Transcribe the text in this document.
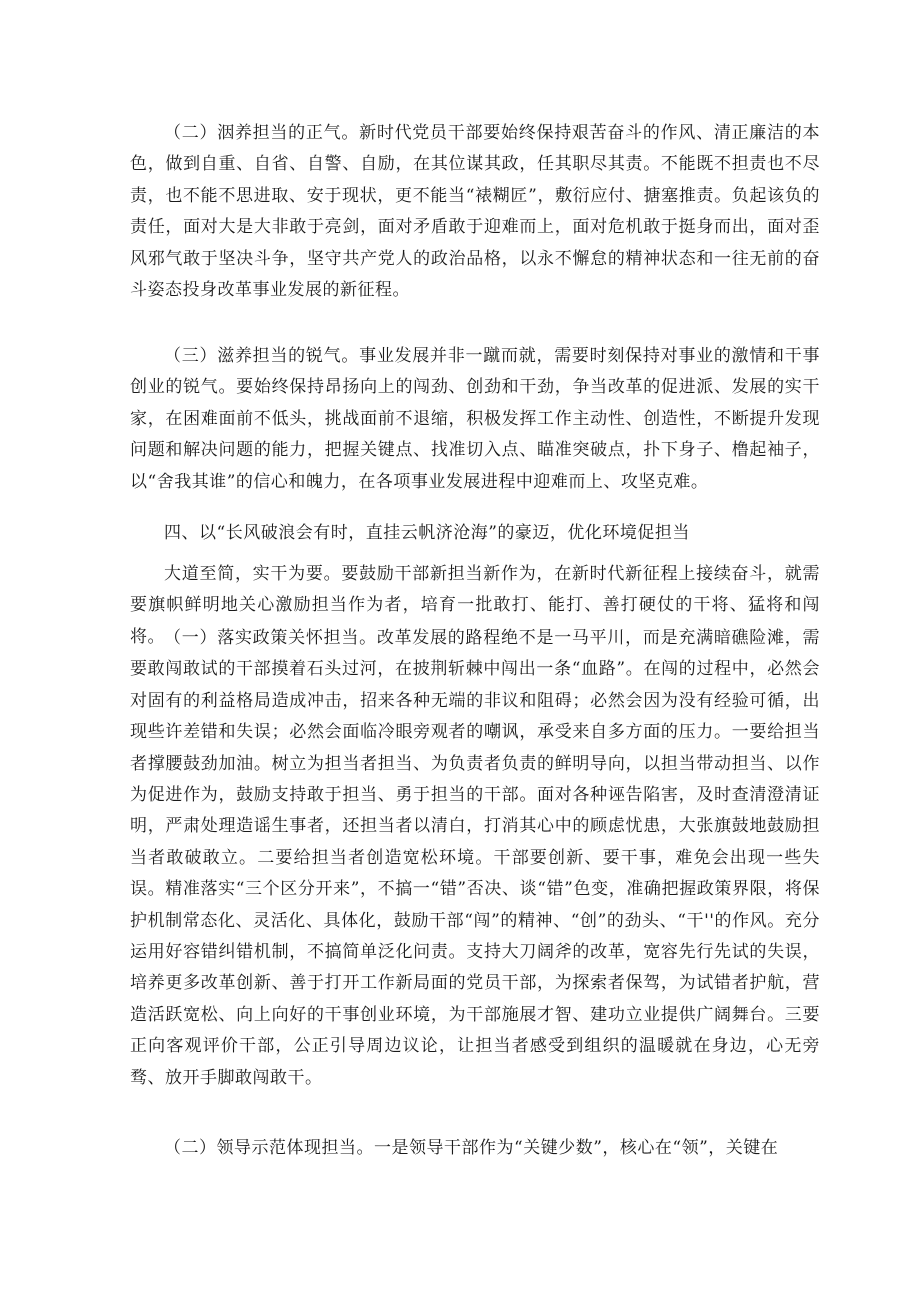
（二）洇养担当的正气。新时代党员干部要始终保持艰苦奋斗的作风、清正廉洁的本色，做到自重、自省、自警、自励，在其位谋其政，任其职尽其责。不能既不担责也不尽责，也不能不思进取、安于现状，更不能当“裱糊匠”，敷衍应付、搪塞推责。负起该负的责任，面对大是大非敢于亮剑，面对矛盾敢于迎难而上，面对危机敢于挺身而出，面对歪风邪气敢于坚决斗争，坚守共产党人的政治品格，以永不懈怠的精神状态和一往无前的奋斗姿态投身改革事业发展的新征程。

（三）滋养担当的锐气。事业发展并非一蹴而就，需要时刻保持对事业的激情和干事创业的锐气。要始终保持昂扬向上的闯劲、创劲和干劲，争当改革的促进派、发展的实干家，在困难面前不低头，挑战面前不退缩，积极发挥工作主动性、创造性，不断提升发现问题和解决问题的能力，把握关键点、找准切入点、瞄准突破点，扑下身子、橹起袖子，以“舍我其谁”的信心和魄力，在各项事业发展进程中迎难而上、攻坚克难。

四、以“长风破浪会有时，直挂云帆济沧海”的豪迈，优化环境促担当

大道至简，实干为要。要鼓励干部新担当新作为，在新时代新征程上接续奋斗，就需要旗帜鲜明地关心激励担当作为者，培育一批敢打、能打、善打硬仗的干将、猛将和闯将。 （一）落实政策关怀担当。改革发展的路程绝不是一马平川，而是充满暗礁险滩，需要敢闯敢试的干部摸着石头过河，在披荆斩棘中闯出一条“血路”。在闯的过程中，必然会对固有的利益格局造成冲击，招来各种无端的非议和阻碍；必然会因为没有经验可循，出现些许差错和失误；必然会面临冷眼旁观者的嘲讽，承受来自多方面的压力。一要给担当者撑腰鼓劲加油。树立为担当者担当、为负责者负责的鲜明导向，以担当带动担当、以作为促进作为，鼓励支持敢于担当、勇于担当的干部。面对各种诬告陷害，及时查清澄清证明，严肃处理造谣生事者，还担当者以清白，打消其心中的顾虑忧患，大张旗鼓地鼓励担当者敢破敢立。二要给担当者创造宽松环境。干部要创新、要干事，难免会出现一些失误。精准落实“三个区分开来”，不搞一“错”否决、谈“错”色变，准确把握政策界限，将保护机制常态化、灵活化、具体化，鼓励干部“闯”的精神、“创”的劲头、“干''的作风。充分运用好容错纠错机制，不搞简单泛化问责。支持大刀阔斧的改革，宽容先行先试的失误，培养更多改革创新、善于打开工作新局面的党员干部，为探索者保驾，为试错者护航，营造活跃宽松、向上向好的干事创业环境，为干部施展才智、建功立业提供广阔舞台。三要正向客观评价干部，公正引导周边议论，让担当者感受到组织的温暖就在身边，心无旁骛、放开手脚敢闯敢干。

（二）领导示范体现担当。一是领导干部作为“关键少数”，核心在“领”，关键在
